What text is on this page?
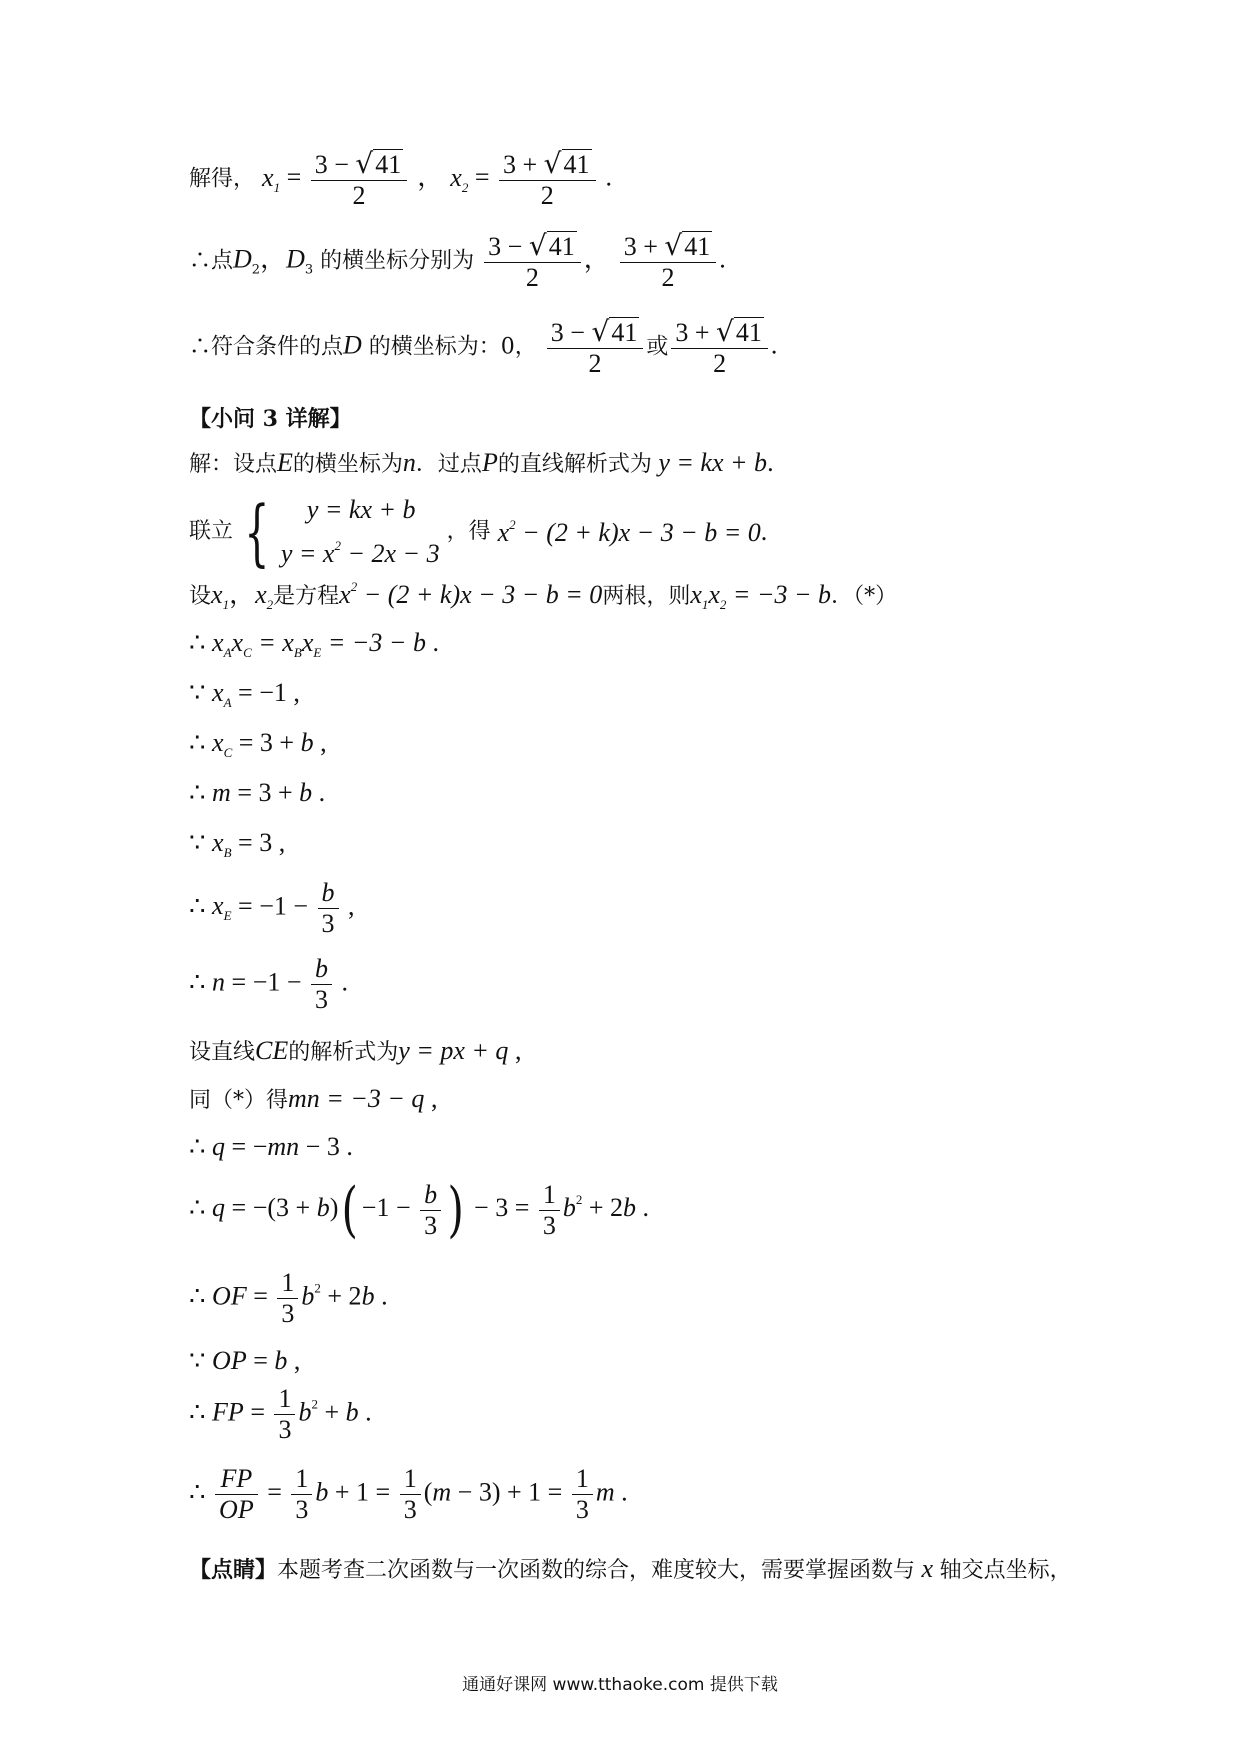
解得， $x_1 = \frac{3 - √41}{2}$ ， $x_2 = \frac{3 + √41}{2}$ .
∴点$D_2$，$D_3$ 的横坐标分别为 $\frac{3 - √41}{2}$ ， $\frac{3 + √41}{2}$ .
∴符合条件的点D 的横坐标为：0， $\frac{3 - √41}{2}$ 或 $\frac{3 + √41}{2}$ .
【小问 3 详解】
解：设点E的横坐标为n．过点P的直线解析式为 y = kx + b.
联立 { y = kx + b
$y = x^2 - 2x - 3$
，得 $x^2 - (2 + k)x - 3 - b = 0$.
设$x_1$，$x_2$是方程$x^2 - (2 + k)x - 3 - b = 0$两根，则$x_1x_2 = -3 - b$．（*）
∴ $x_Ax_C = x_Bx_E = -3 - b$ .
∵ $x_A = -1$ ,
∴ $x_C = 3 + b$ ,
∴ m = 3 + b .
∵ $x_B = 3$ ,
∴ $x_E = -1 - \frac{b}{3}$ ,
∴ $n = -1 - \frac{b}{3}$ .
设直线CE的解析式为y = px + q ,
同（*）得mn = −3 − q ,
∴ q = −mn − 3 .
∴ $q = -(3 + b)( -1 - \frac{b}{3}$ ) − $3 = \frac{1}{3} b^2 + 2b$ .
∴ OF = $\frac{1}{3} b^2 + 2b$ .
∵ OP = b ,
∴ FP = $\frac{1}{3} b^2 + b$ .
∴ $\frac{FP}{OP} = \frac{1}{3}$ $b + 1 = \frac{1}{3} (m - 3) + 1 = \frac{1}{3}$ m .
【点睛】本题考查二次函数与一次函数的综合，难度较大，需要掌握函数与 x 轴交点坐标，
通通好课网 www.tthaoke.com 提供下载
